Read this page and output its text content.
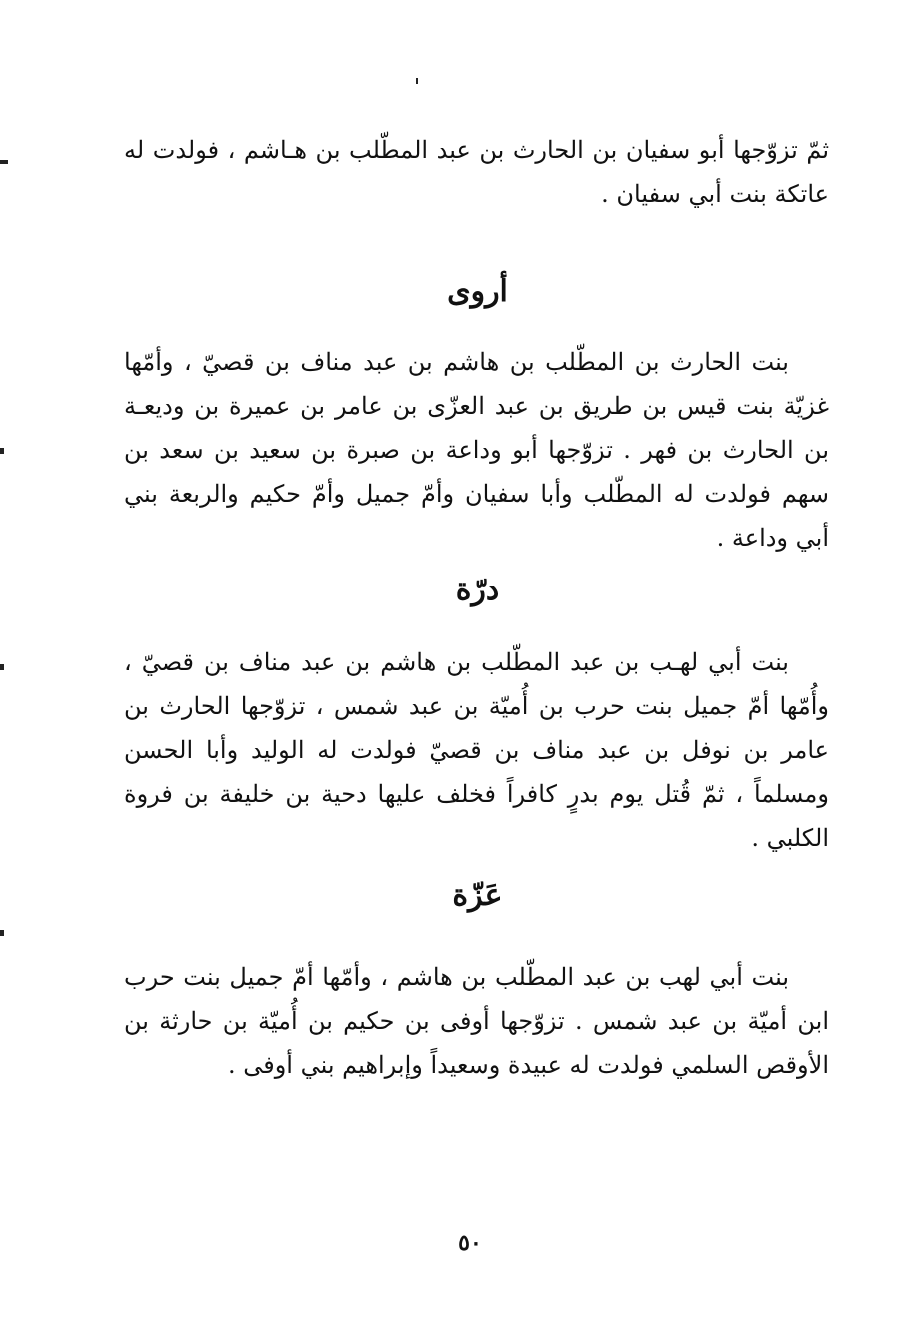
ثمّ تزوّجها أبو سفيان بن الحارث بن عبد المطّلب بن هـاشم ، فولدت له عاتكة بنت أبي سفيان .

أروى

بنت الحارث بن المطّلب بن هاشم بن عبد مناف بن قصيّ ، وأمّها غزيّة بنت قيس بن طريق بن عبد العزّى بن عامر بن عميرة بن وديعـة بن الحارث بن فهر . تزوّجها أبو وداعة بن صبرة بن سعيد بن سعد بن سهم فولدت له المطّلب وأبا سفيان وأمّ جميل وأمّ حكيم والربعة بني أبي وداعة .

درّة

بنت أبي لهـب بن عبد المطّلب بن هاشم بن عبد مناف بن قصيّ ، وأُمّها أمّ جميل بنت حرب بن أُميّة بن عبد شمس ، تزوّجها الحارث بن عامر بن نوفل بن عبد مناف بن قصيّ فولدت له الوليد وأبا الحسن ومسلماً ، ثمّ قُتل يوم بدرٍ كافراً فخلف عليها دحية بن خليفة بن فروة الكلبي .

عَزّة

بنت أبي لهب بن عبد المطّلب بن هاشم ، وأمّها أمّ جميل بنت حرب ابن أميّة بن عبد شمس . تزوّجها أوفى بن حكيم بن أُميّة بن حارثة بن الأوقص السلمي فولدت له عبيدة وسعيداً وإبراهيم بني أوفى .

٥٠
